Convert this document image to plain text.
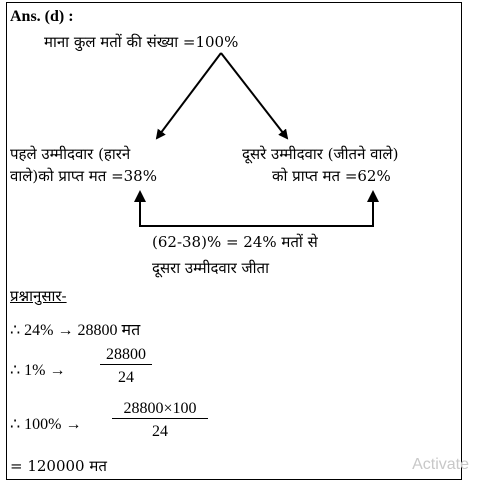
Ans. (d) :
माना कुल मतों की संख्या =100%
पहले उम्मीदवार (हारने
वाले)को प्राप्त मत =38%
दूसरे उम्मीदवार (जीतने वाले)
को प्राप्त मत =62%
(62-38)% = 24% मतों से
दूसरा उम्मीदवार जीता
प्रश्नानुसार-
∴ 24% → 28800 मत
∴ $1\% \to \frac{28800}{24}$
∴ $100\% \to \frac{28800\times 100}{24}$
= 120000 मत	Activate
